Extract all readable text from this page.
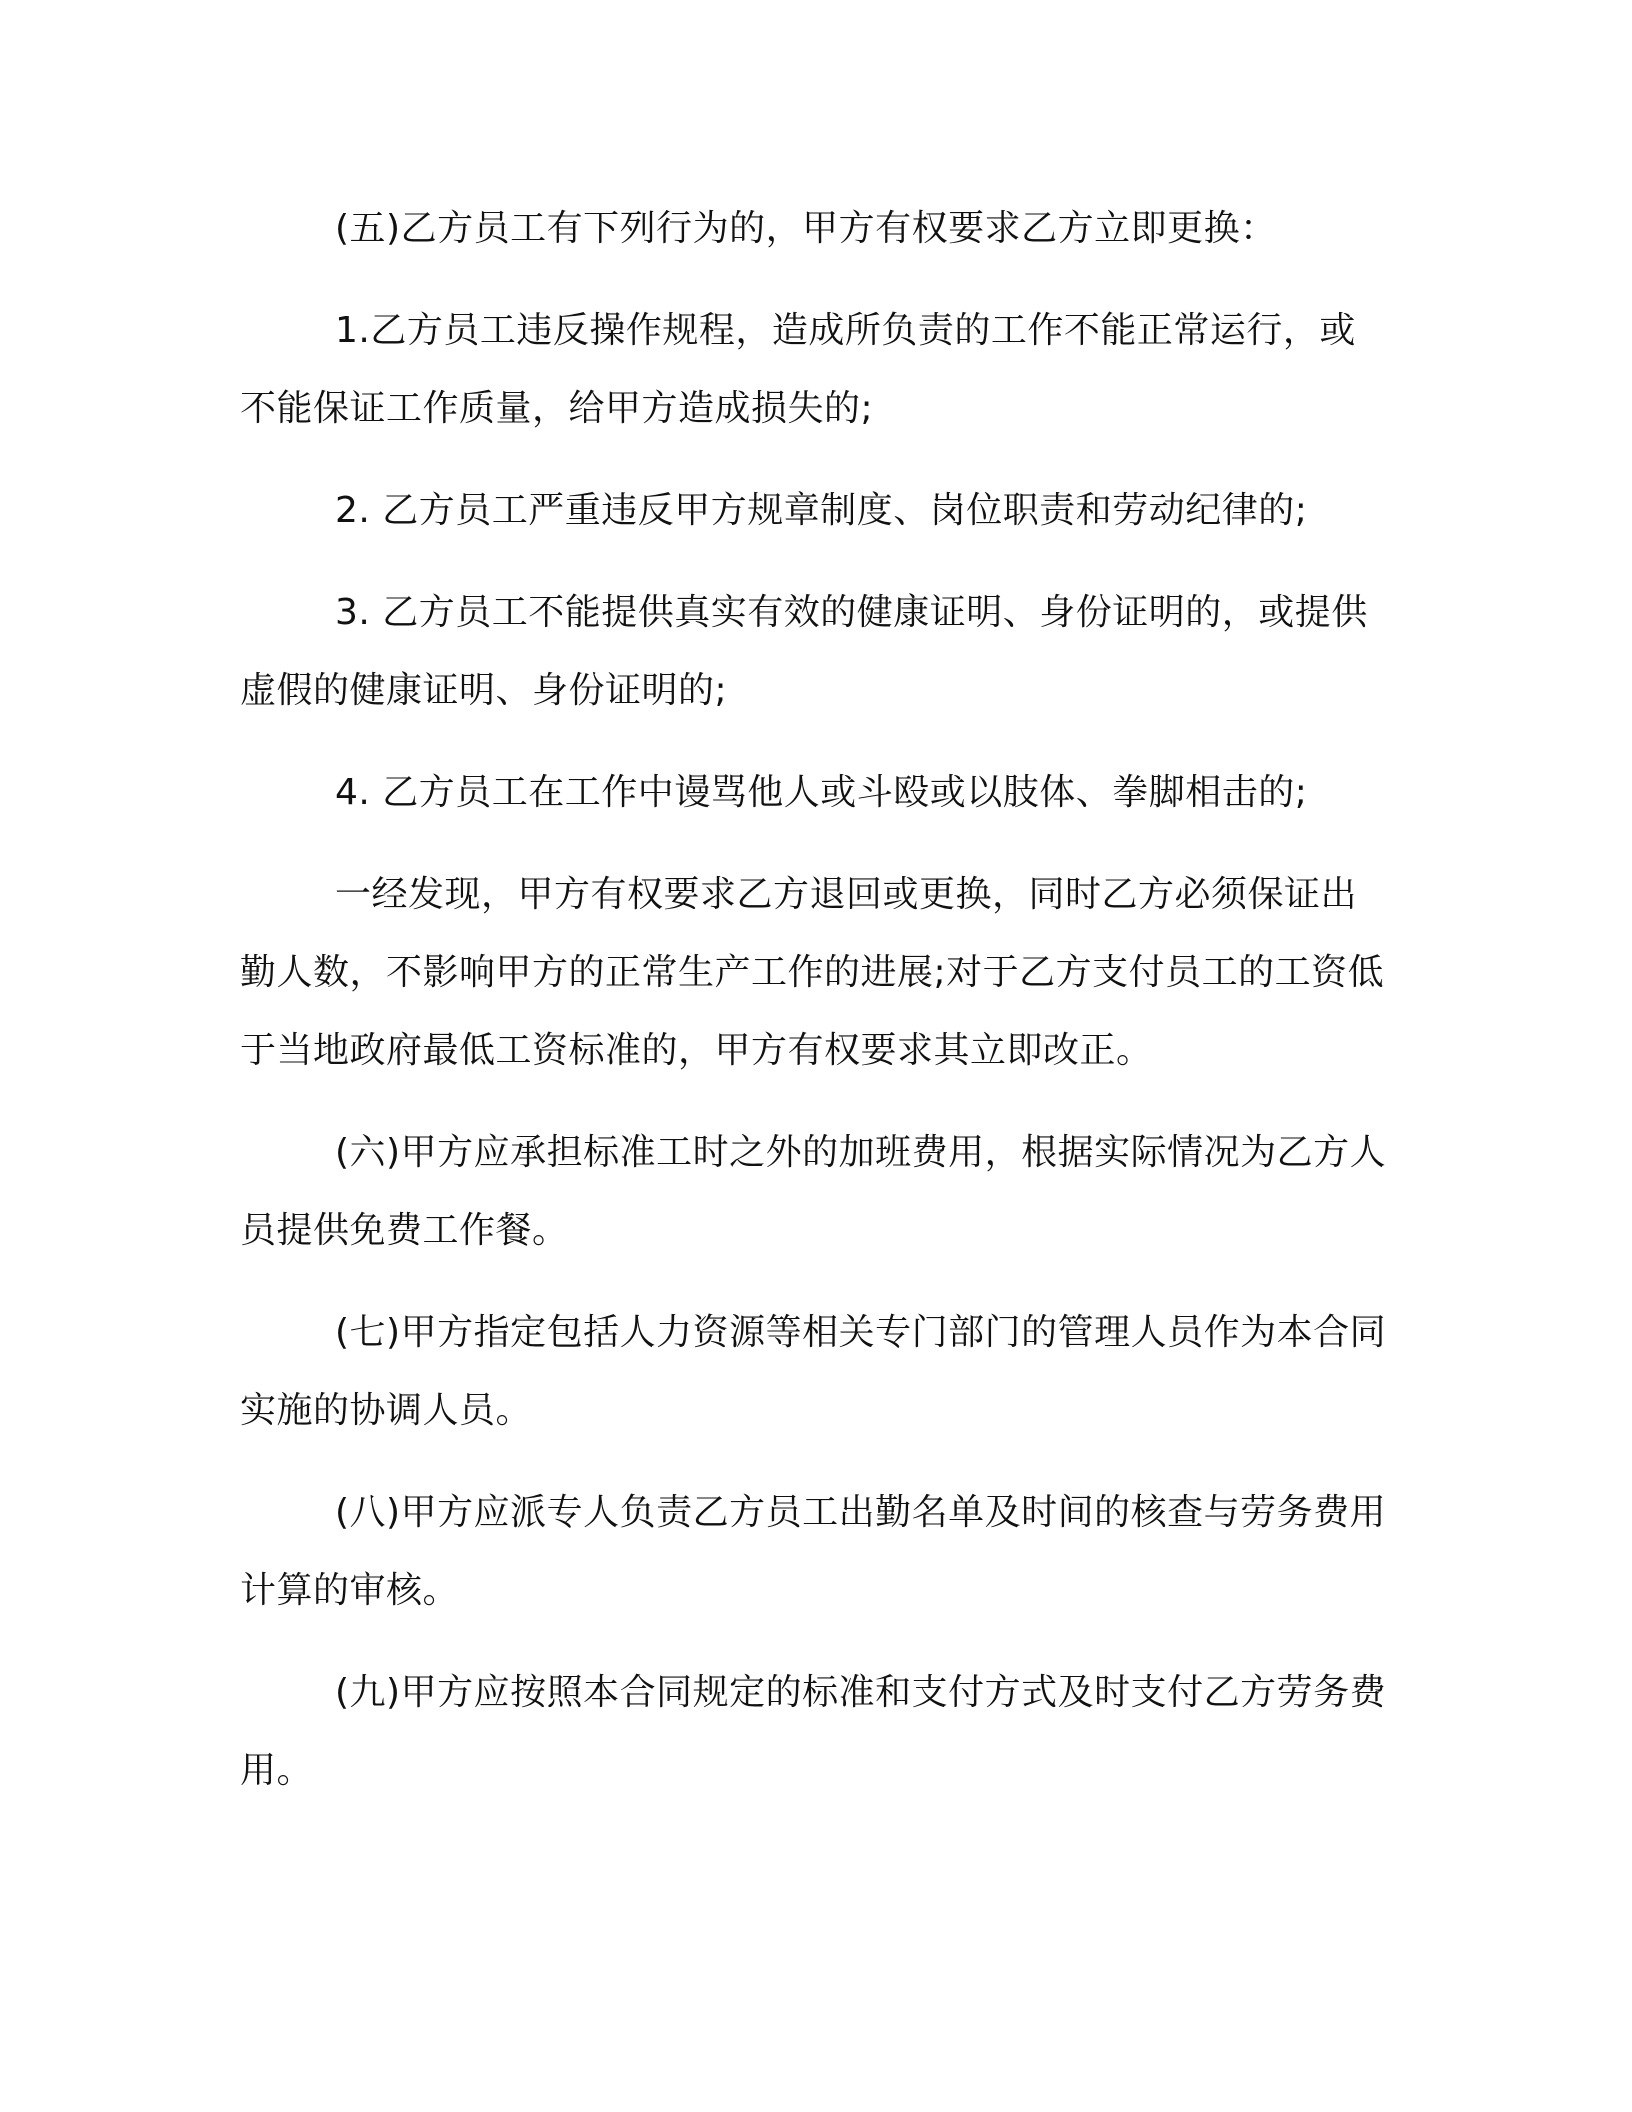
(五)乙方员工有下列行为的，甲方有权要求乙方立即更换：

1.乙方员工违反操作规程，造成所负责的工作不能正常运行，或不能保证工作质量，给甲方造成损失的;

2. 乙方员工严重违反甲方规章制度、岗位职责和劳动纪律的;

3. 乙方员工不能提供真实有效的健康证明、身份证明的，或提供虚假的健康证明、身份证明的;

4. 乙方员工在工作中谩骂他人或斗殴或以肢体、拳脚相击的;

一经发现，甲方有权要求乙方退回或更换，同时乙方必须保证出勤人数，不影响甲方的正常生产工作的进展;对于乙方支付员工的工资低于当地政府最低工资标准的，甲方有权要求其立即改正。

(六)甲方应承担标准工时之外的加班费用，根据实际情况为乙方人员提供免费工作餐。

(七)甲方指定包括人力资源等相关专门部门的管理人员作为本合同实施的协调人员。

(八)甲方应派专人负责乙方员工出勤名单及时间的核查与劳务费用计算的审核。

(九)甲方应按照本合同规定的标准和支付方式及时支付乙方劳务费用。
